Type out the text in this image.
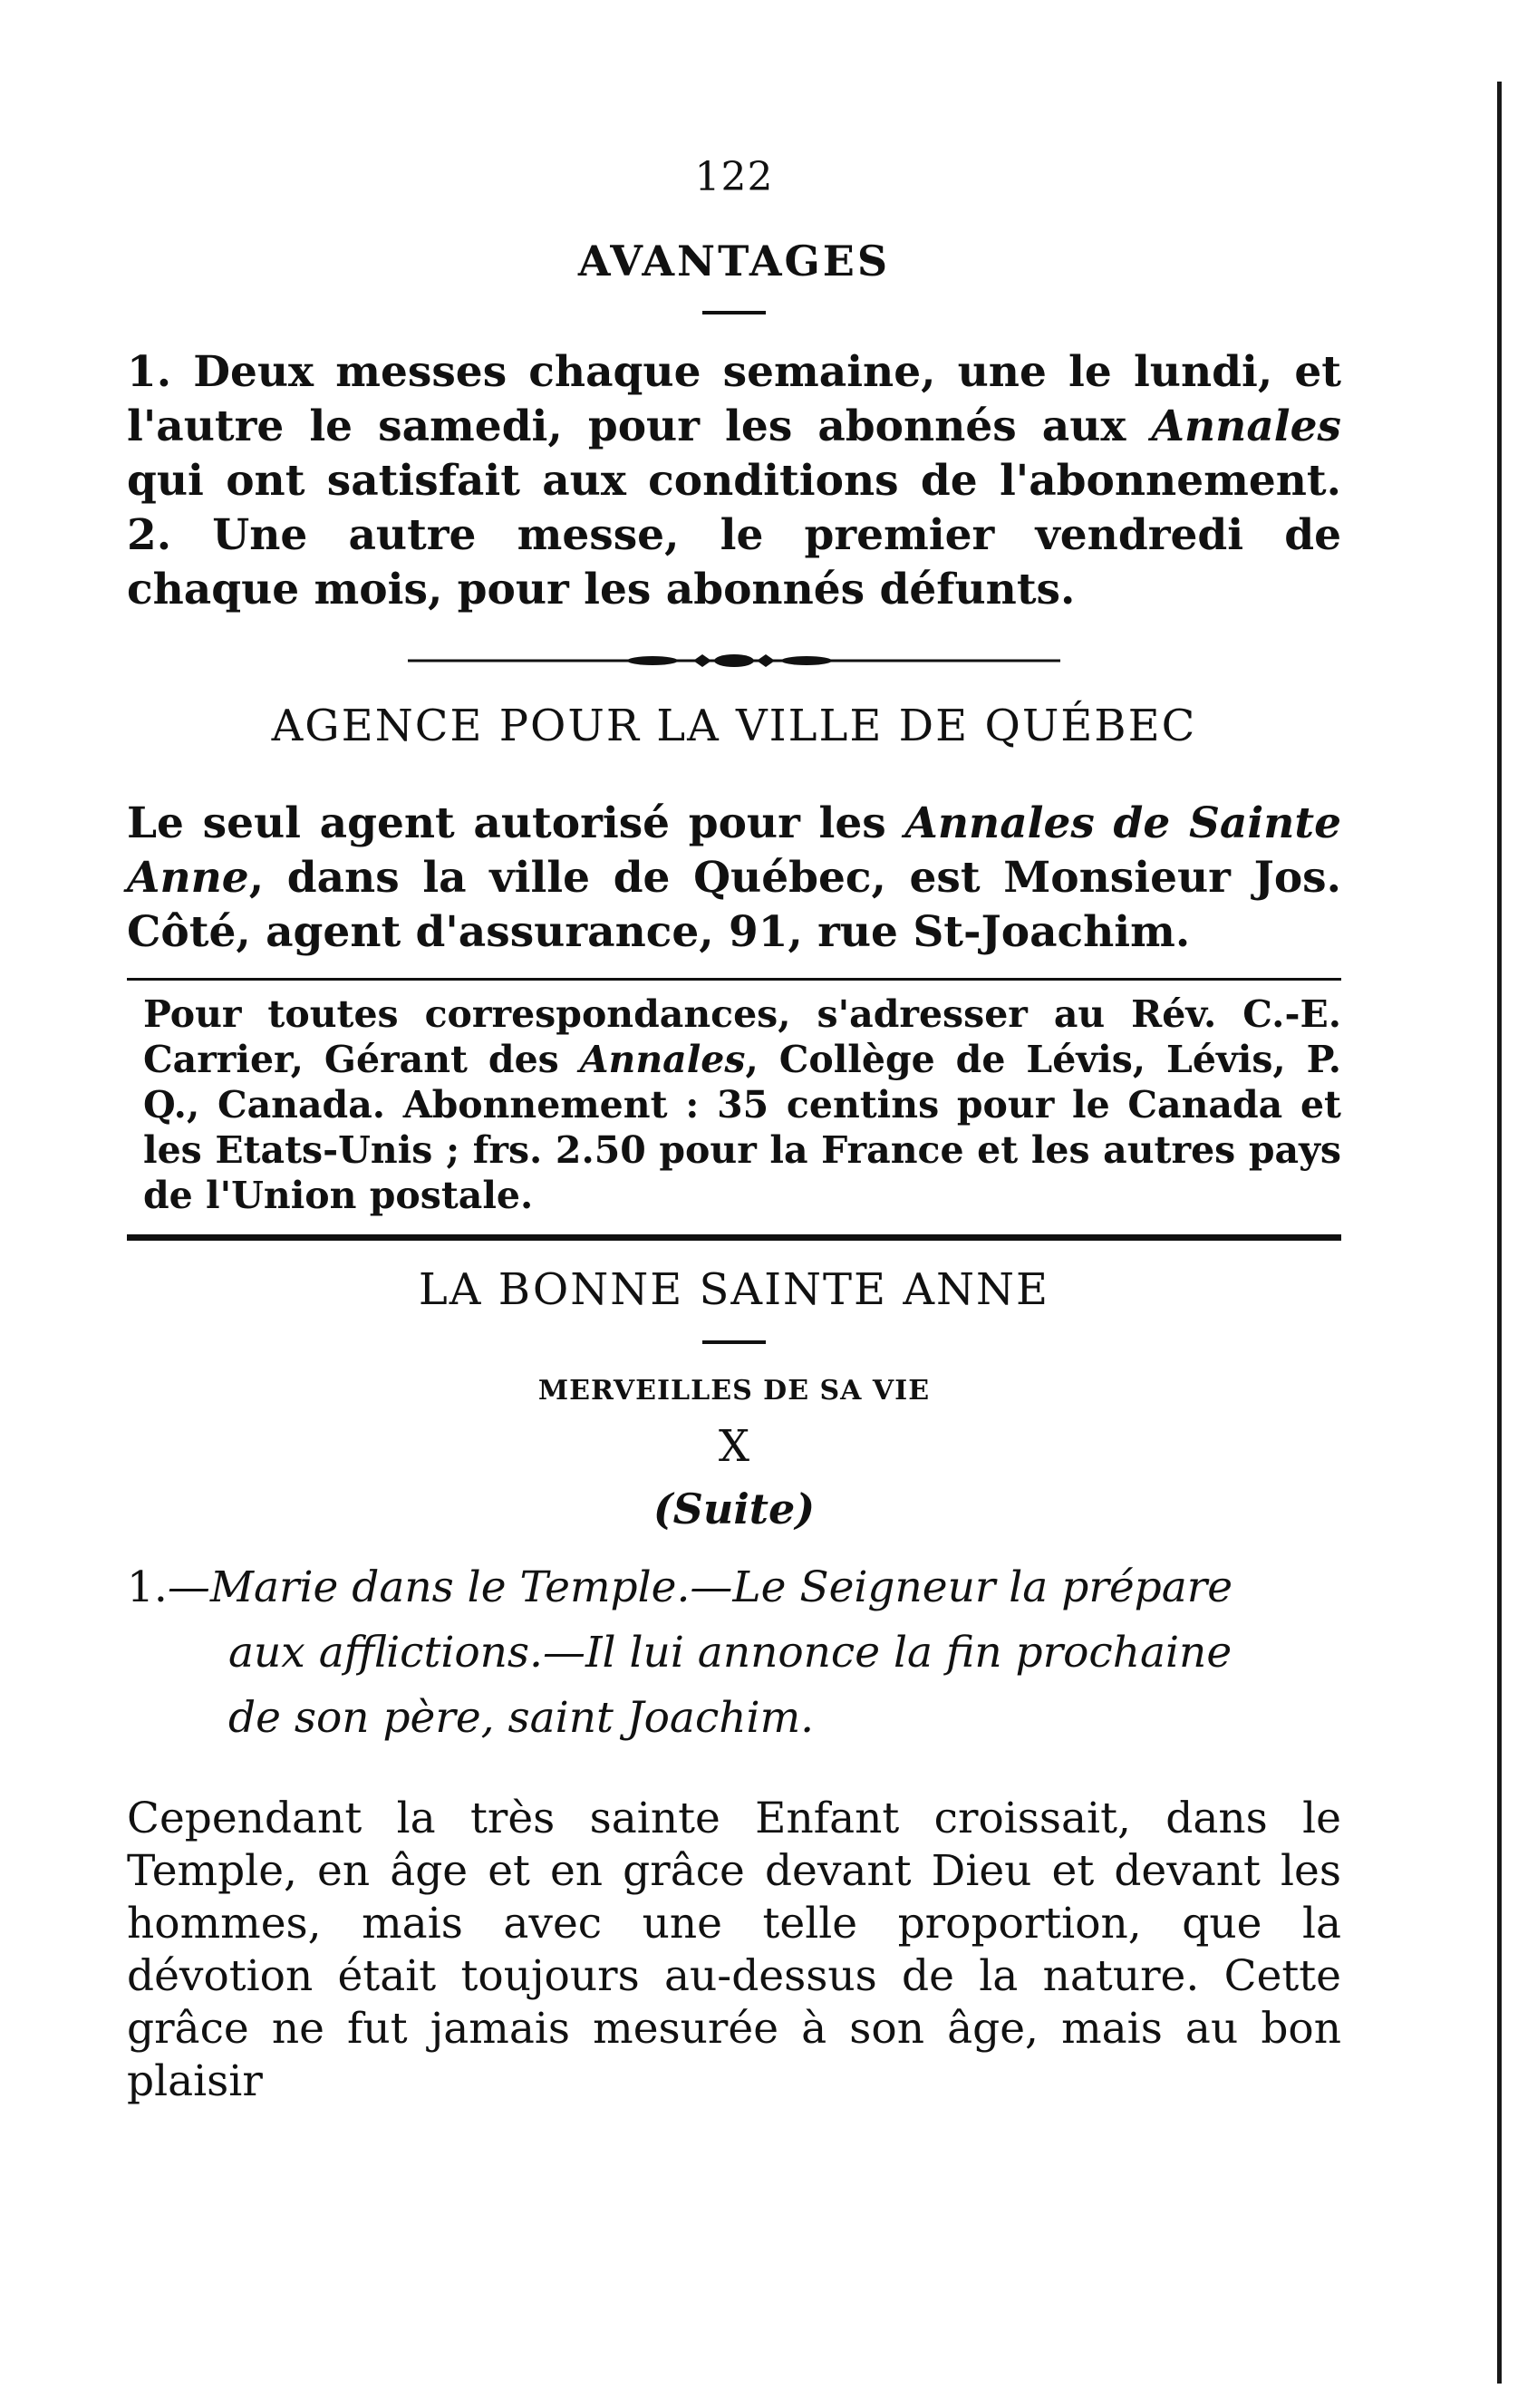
122

AVANTAGES

1. Deux messes chaque semaine, une le lundi, et l'autre le samedi, pour les abonnés aux Annales qui ont satisfait aux conditions de l'abonnement. 2. Une autre messe, le premier vendredi de chaque mois, pour les abonnés défunts.

AGENCE POUR LA VILLE DE QUÉBEC

Le seul agent autorisé pour les Annales de Sainte Anne, dans la ville de Québec, est Monsieur Jos. Côté, agent d'assurance, 91, rue St-Joachim.

Pour toutes correspondances, s'adresser au Rév. C.-E. Carrier, Gérant des Annales, Collège de Lévis, Lévis, P. Q., Canada. Abonnement : 35 centins pour le Canada et les Etats-Unis ; frs. 2.50 pour la France et les autres pays de l'Union postale.

LA BONNE SAINTE ANNE

MERVEILLES DE SA VIE

X

(Suite)

1. —Marie dans le Temple.—Le Seigneur la prépare

aux afflictions.—Il lui annonce la fin prochaine
de son père, saint Joachim.

Cependant la très sainte Enfant croissait, dans le Temple, en âge et en grâce devant Dieu et devant les hommes, mais avec une telle proportion, que la dévotion était toujours au-dessus de la nature. Cette grâce ne fut jamais mesurée à son âge, mais au bon plaisir
